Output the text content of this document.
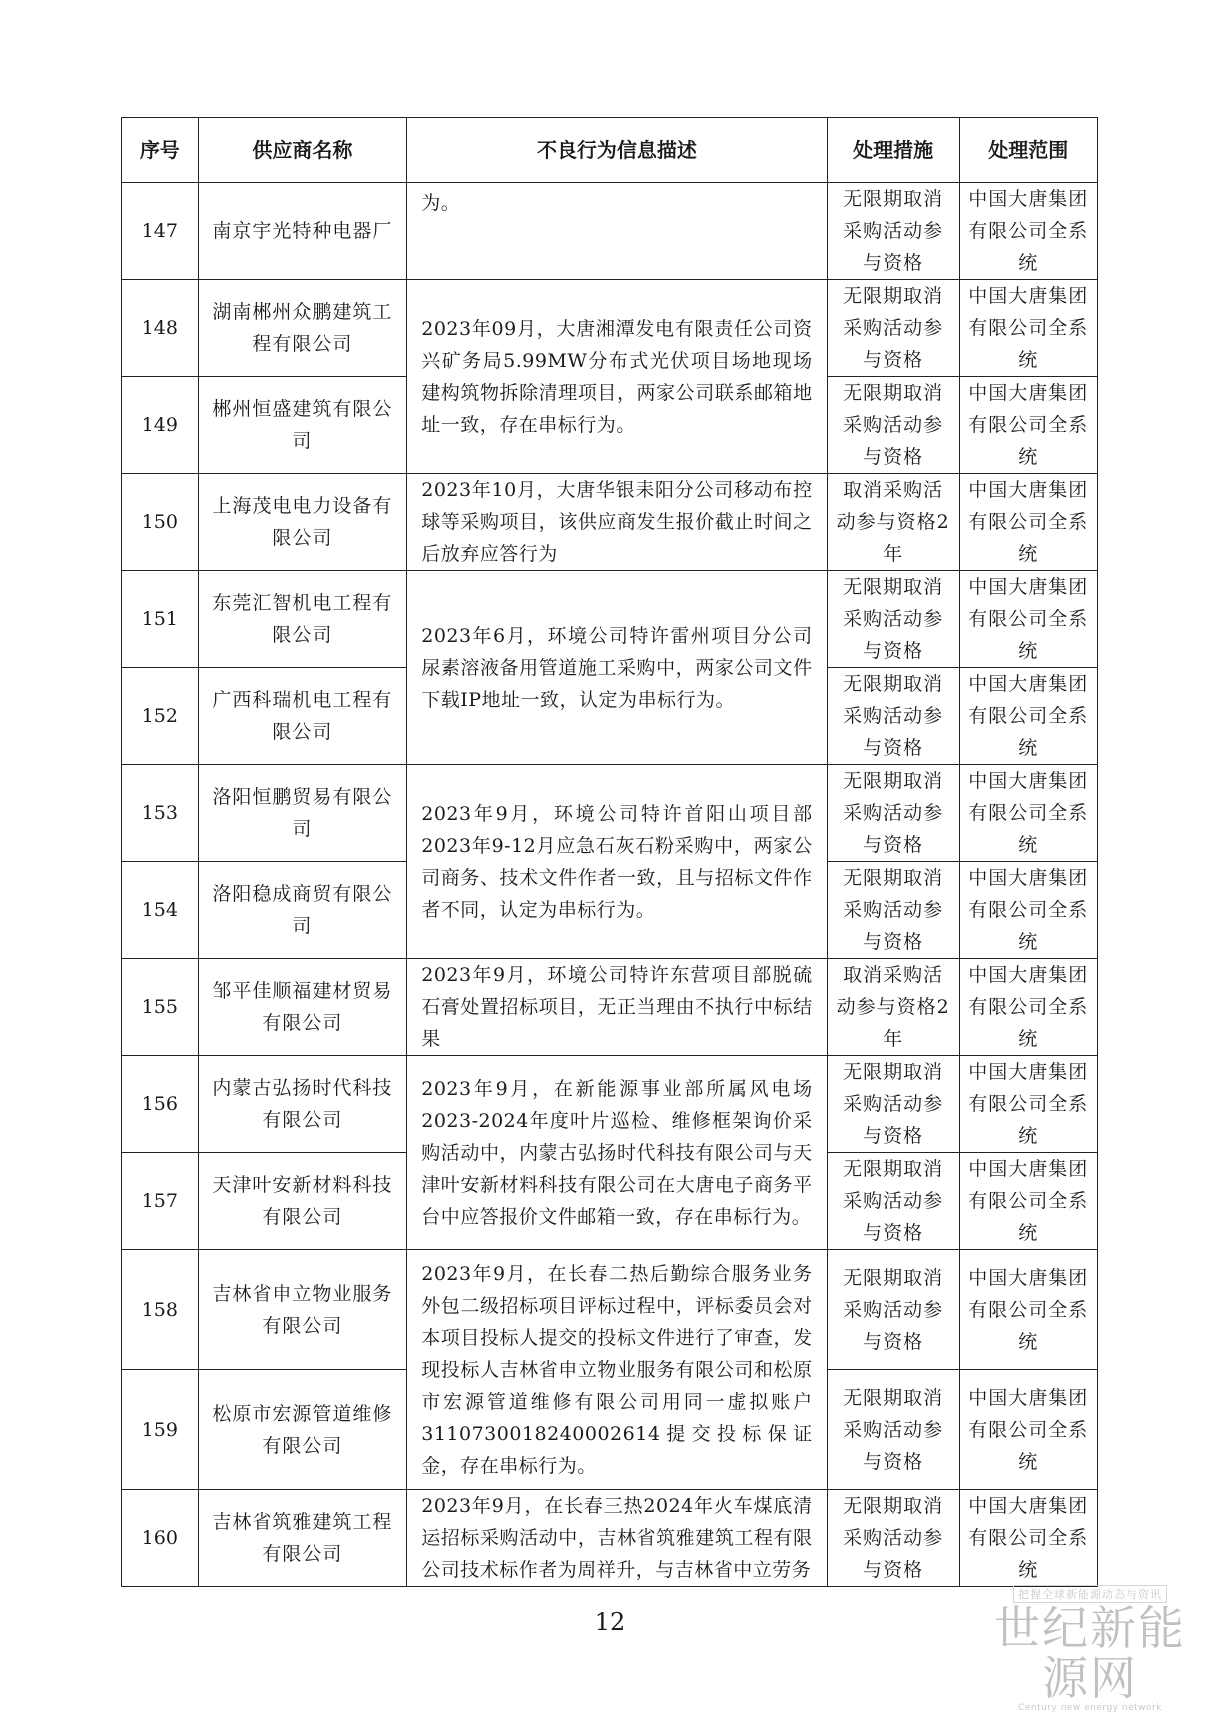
序号	供应商名称	不良行为信息描述	处理措施	处理范围
147	南京宇光特种电器厂	为。	无限期取消采购活动参与资格	中国大唐集团有限公司全系统
148	湖南郴州众鹏建筑工程有限公司	2023年09月，大唐湘潭发电有限责任公司资兴矿务局5.99MW分布式光伏项目场地现场建构筑物拆除清理项目，两家公司联系邮箱地址一致，存在串标行为。	无限期取消采购活动参与资格	中国大唐集团有限公司全系统
149	郴州恒盛建筑有限公司		无限期取消采购活动参与资格	中国大唐集团有限公司全系统
150	上海茂电电力设备有限公司	2023年10月，大唐华银耒阳分公司移动布控球等采购项目，该供应商发生报价截止时间之后放弃应答行为	取消采购活动参与资格2年	中国大唐集团有限公司全系统
151	东莞汇智机电工程有限公司	2023年6月，环境公司特许雷州项目分公司尿素溶液备用管道施工采购中，两家公司文件下载IP地址一致，认定为串标行为。	无限期取消采购活动参与资格	中国大唐集团有限公司全系统
152	广西科瑞机电工程有限公司		无限期取消采购活动参与资格	中国大唐集团有限公司全系统
153	洛阳恒鹏贸易有限公司	2023年9月，环境公司特许首阳山项目部2023年9-12月应急石灰石粉采购中，两家公司商务、技术文件作者一致，且与招标文件作者不同，认定为串标行为。	无限期取消采购活动参与资格	中国大唐集团有限公司全系统
154	洛阳稳成商贸有限公司		无限期取消采购活动参与资格	中国大唐集团有限公司全系统
155	邹平佳顺福建材贸易有限公司	2023年9月，环境公司特许东营项目部脱硫石膏处置招标项目，无正当理由不执行中标结果	取消采购活动参与资格2年	中国大唐集团有限公司全系统
156	内蒙古弘扬时代科技有限公司	2023年9月，在新能源事业部所属风电场2023-2024年度叶片巡检、维修框架询价采购活动中，内蒙古弘扬时代科技有限公司与天津叶安新材料科技有限公司在大唐电子商务平台中应答报价文件邮箱一致，存在串标行为。	无限期取消采购活动参与资格	中国大唐集团有限公司全系统
157	天津叶安新材料科技有限公司		无限期取消采购活动参与资格	中国大唐集团有限公司全系统
158	吉林省申立物业服务有限公司	2023年9月，在长春二热后勤综合服务业务外包二级招标项目评标过程中，评标委员会对本项目投标人提交的投标文件进行了审查，发现投标人吉林省申立物业服务有限公司和松原市宏源管道维修有限公司用同一虚拟账户3110730018240002614提交投标保证金，存在串标行为。	无限期取消采购活动参与资格	中国大唐集团有限公司全系统
159	松原市宏源管道维修有限公司		无限期取消采购活动参与资格	中国大唐集团有限公司全系统
160	吉林省筑雅建筑工程有限公司	2023年9月，在长春三热2024年火车煤底清运招标采购活动中，吉林省筑雅建筑工程有限公司技术标作者为周祥升，与吉林省中立劳务	无限期取消采购活动参与资格	中国大唐集团有限公司全系统
12
把握全球新能源动态与资讯
世纪新能源网
Century new energy network
